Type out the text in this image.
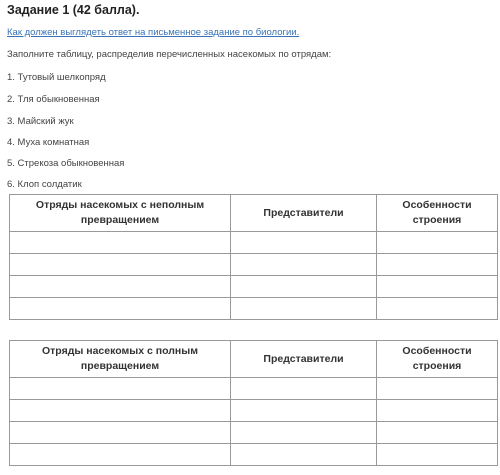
Задание 1 (42 балла).
Как должен выглядеть ответ на письменное задание по биологии.
Заполните таблицу, распределив перечисленных насекомых по отрядам:
1. Тутовый шелкопряд
2. Тля обыкновенная
3. Майский жук
4. Муха комнатная
5. Стрекоза обыкновенная
6. Клоп солдатик
Отряды насекомых с неполным превращением	Представители	Особенности строения

Отряды насекомых с полным превращением	Представители	Особенности строения
